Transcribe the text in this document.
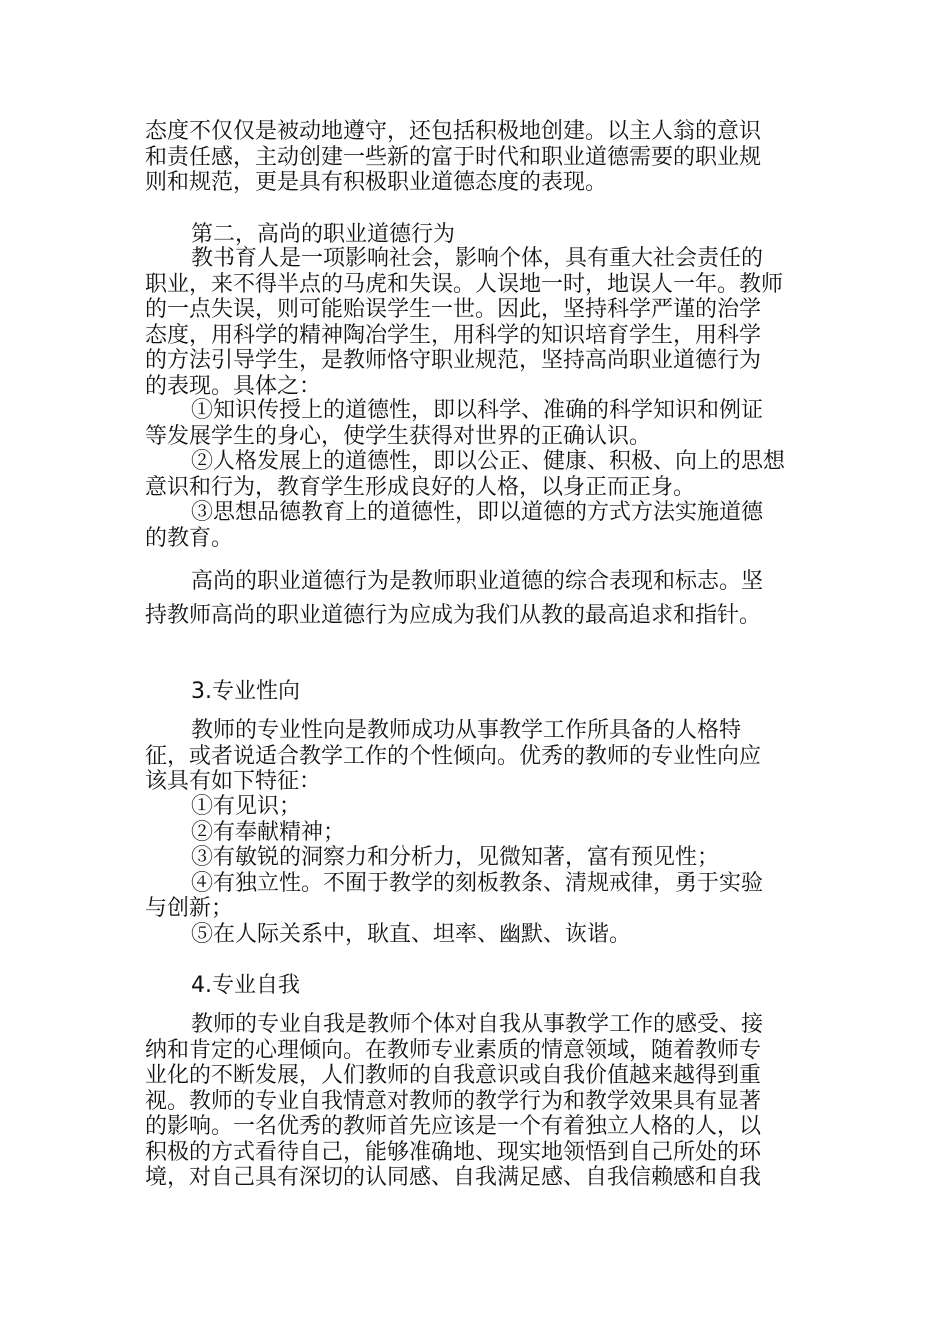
态度不仅仅是被动地遵守，还包括积极地创建。以主人翁的意识
和责任感，主动创建一些新的富于时代和职业道德需要的职业规
则和规范，更是具有积极职业道德态度的表现。
第二，高尚的职业道德行为
教书育人是一项影响社会，影响个体，具有重大社会责任的
职业，来不得半点的马虎和失误。人误地一时，地误人一年。教师
的一点失误，则可能贻误学生一世。因此，坚持科学严谨的治学
态度，用科学的精神陶冶学生，用科学的知识培育学生，用科学
的方法引导学生，是教师恪守职业规范，坚持高尚职业道德行为
的表现。具体之：
①知识传授上的道德性，即以科学、准确的科学知识和例证
等发展学生的身心，使学生获得对世界的正确认识。
②人格发展上的道德性，即以公正、健康、积极、向上的思想
意识和行为，教育学生形成良好的人格，以身正而正身。
③思想品德教育上的道德性，即以道德的方式方法实施道德
的教育。
高尚的职业道德行为是教师职业道德的综合表现和标志。坚
持教师高尚的职业道德行为应成为我们从教的最高追求和指针。
3.专业性向
教师的专业性向是教师成功从事教学工作所具备的人格特
征，或者说适合教学工作的个性倾向。优秀的教师的专业性向应
该具有如下特征：
①有见识；
②有奉献精神；
③有敏锐的洞察力和分析力，见微知著，富有预见性；
④有独立性。不囿于教学的刻板教条、清规戒律，勇于实验
与创新；
⑤在人际关系中，耿直、坦率、幽默、诙谐。
4.专业自我
教师的专业自我是教师个体对自我从事教学工作的感受、接
纳和肯定的心理倾向。在教师专业素质的情意领域，随着教师专
业化的不断发展，人们教师的自我意识或自我价值越来越得到重
视。教师的专业自我情意对教师的教学行为和教学效果具有显著
的影响。一名优秀的教师首先应该是一个有着独立人格的人，以
积极的方式看待自己，能够准确地、现实地领悟到自己所处的环
境，对自己具有深切的认同感、自我满足感、自我信赖感和自我
